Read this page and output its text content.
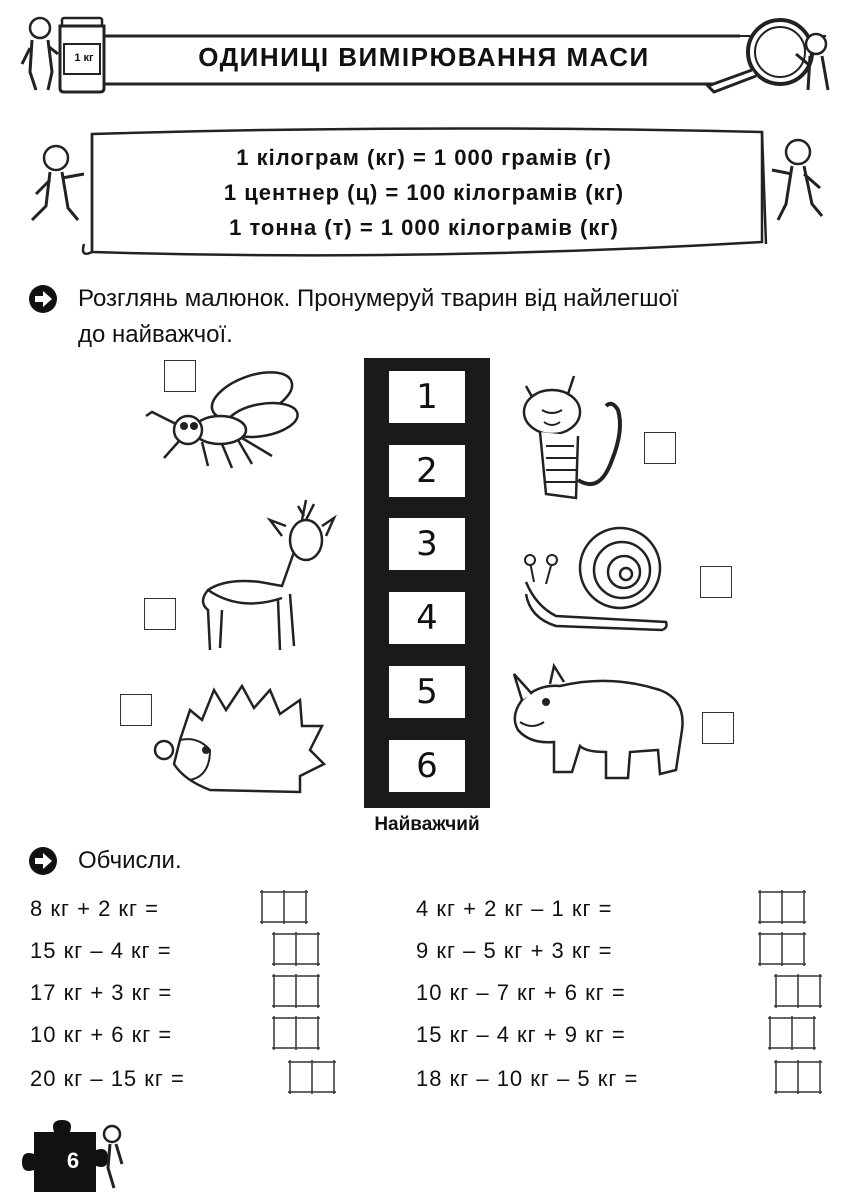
1 кг	ОДИНИЦІ ВИМІРЮВАННЯ МАСИ
1 кілограм (кг) = 1 000 грамів (г)
1 центнер (ц) = 100 кілограмів (кг)
1 тонна (т) = 1 000 кілограмів (кг)
Розглянь малюнок. Пронумеруй тварин від найлегшої
до найважчої.
1
2
3
4
5
6
Найважчий
Обчисли.
8 кг + 2 кг =
15 кг – 4 кг =
17 кг + 3 кг =
10 кг + 6 кг =
20 кг – 15 кг =
4 кг + 2 кг – 1 кг =
9 кг – 5 кг + 3 кг =
10 кг – 7 кг + 6 кг =
15 кг – 4 кг + 9 кг =
18 кг – 10 кг – 5 кг =
6
